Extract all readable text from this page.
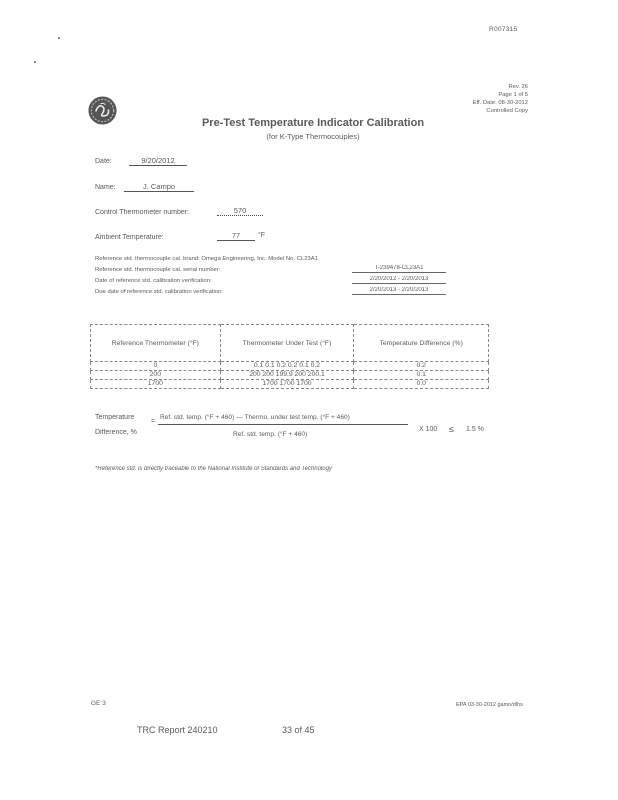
R007315
Rev. 26
Page 1 of 5
Eff. Date: 08-30-2012
Controlled Copy
Pre-Test Temperature Indicator Calibration
(for K-Type Thermocouples)
Date:	9/20/2012
Name:	J. Campo
Control Thermometer number:	570
Ambient Temperature:	77	°F
Reference std. thermocouple cal. brand: Omega Engineering, Inc. Model No. CL23A1
Reference std. thermocouple cal. serial number:	T-239478-CL23A1
Date of reference std. calibration verification:	2/20/2012 - 2/20/2013
Due date of reference std. calibration verification:	2/20/2013 - 2/20/2013
Reference Thermometer (°F)	Thermometer Under Test (°F)	Temperature Difference (%)
0	0.1 0.1 0.2 0.2 0.1 0.2	0.2
200	200 200 199.9 200 200.1	0.1
1700	1700 1700 1700	0.0
Temperature
Difference, %
=
Ref. std. temp. (°F + 460) — Thermo. under test temp. (°F + 460)
Ref. std. temp. (°F + 460)
X 100 ≤ 1.5 %
*Reference std. is directly traceable to the National Institute of Standards and Technology
GE 3	EPA 03-30-2012 gamo/dlhs
TRC Report 240210	33 of 45
